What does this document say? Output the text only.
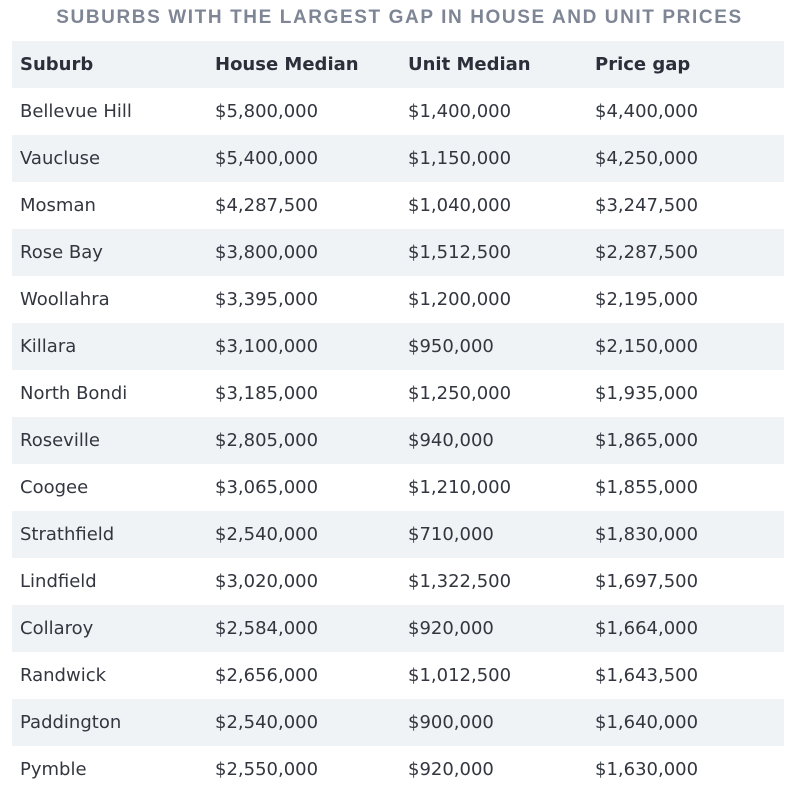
SUBURBS WITH THE LARGEST GAP IN HOUSE AND UNIT PRICES
Suburb	House Median	Unit Median	Price gap
Bellevue Hill	$5,800,000	$1,400,000	$4,400,000
Vaucluse	$5,400,000	$1,150,000	$4,250,000
Mosman	$4,287,500	$1,040,000	$3,247,500
Rose Bay	$3,800,000	$1,512,500	$2,287,500
Woollahra	$3,395,000	$1,200,000	$2,195,000
Killara	$3,100,000	$950,000	$2,150,000
North Bondi	$3,185,000	$1,250,000	$1,935,000
Roseville	$2,805,000	$940,000	$1,865,000
Coogee	$3,065,000	$1,210,000	$1,855,000
Strathfield	$2,540,000	$710,000	$1,830,000
Lindfield	$3,020,000	$1,322,500	$1,697,500
Collaroy	$2,584,000	$920,000	$1,664,000
Randwick	$2,656,000	$1,012,500	$1,643,500
Paddington	$2,540,000	$900,000	$1,640,000
Pymble	$2,550,000	$920,000	$1,630,000
